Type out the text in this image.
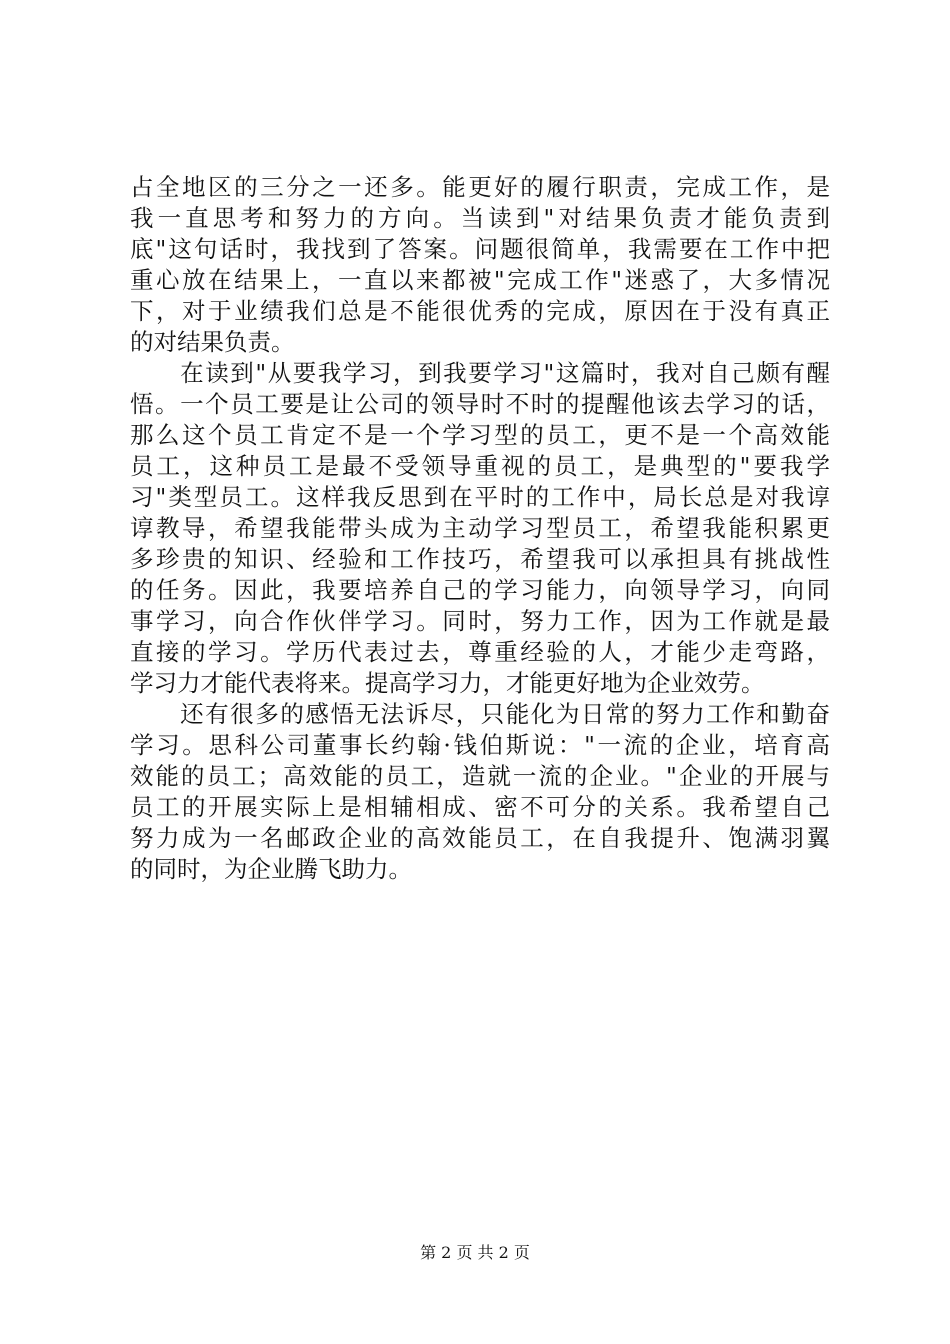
占全地区的三分之一还多。能更好的履行职责，完成工作，是
我一直思考和努力的方向。当读到"对结果负责才能负责到
底"这句话时，我找到了答案。问题很简单，我需要在工作中把
重心放在结果上，一直以来都被"完成工作"迷惑了，大多情况
下，对于业绩我们总是不能很优秀的完成，原因在于没有真正
的对结果负责。
　　在读到"从要我学习，到我要学习"这篇时，我对自己颇有醒
悟。一个员工要是让公司的领导时不时的提醒他该去学习的话，
那么这个员工肯定不是一个学习型的员工，更不是一个高效能
员工，这种员工是最不受领导重视的员工，是典型的"要我学
习"类型员工。这样我反思到在平时的工作中，局长总是对我谆
谆教导，希望我能带头成为主动学习型员工，希望我能积累更
多珍贵的知识、经验和工作技巧，希望我可以承担具有挑战性
的任务。因此，我要培养自己的学习能力，向领导学习，向同
事学习，向合作伙伴学习。同时，努力工作，因为工作就是最
直接的学习。学历代表过去，尊重经验的人，才能少走弯路，
学习力才能代表将来。提高学习力，才能更好地为企业效劳。
　　还有很多的感悟无法诉尽，只能化为日常的努力工作和勤奋
学习。思科公司董事长约翰·钱伯斯说："一流的企业，培育高
效能的员工；高效能的员工，造就一流的企业。"企业的开展与
员工的开展实际上是相辅相成、密不可分的关系。我希望自己
努力成为一名邮政企业的高效能员工，在自我提升、饱满羽翼
的同时，为企业腾飞助力。
第 2 页 共 2 页
